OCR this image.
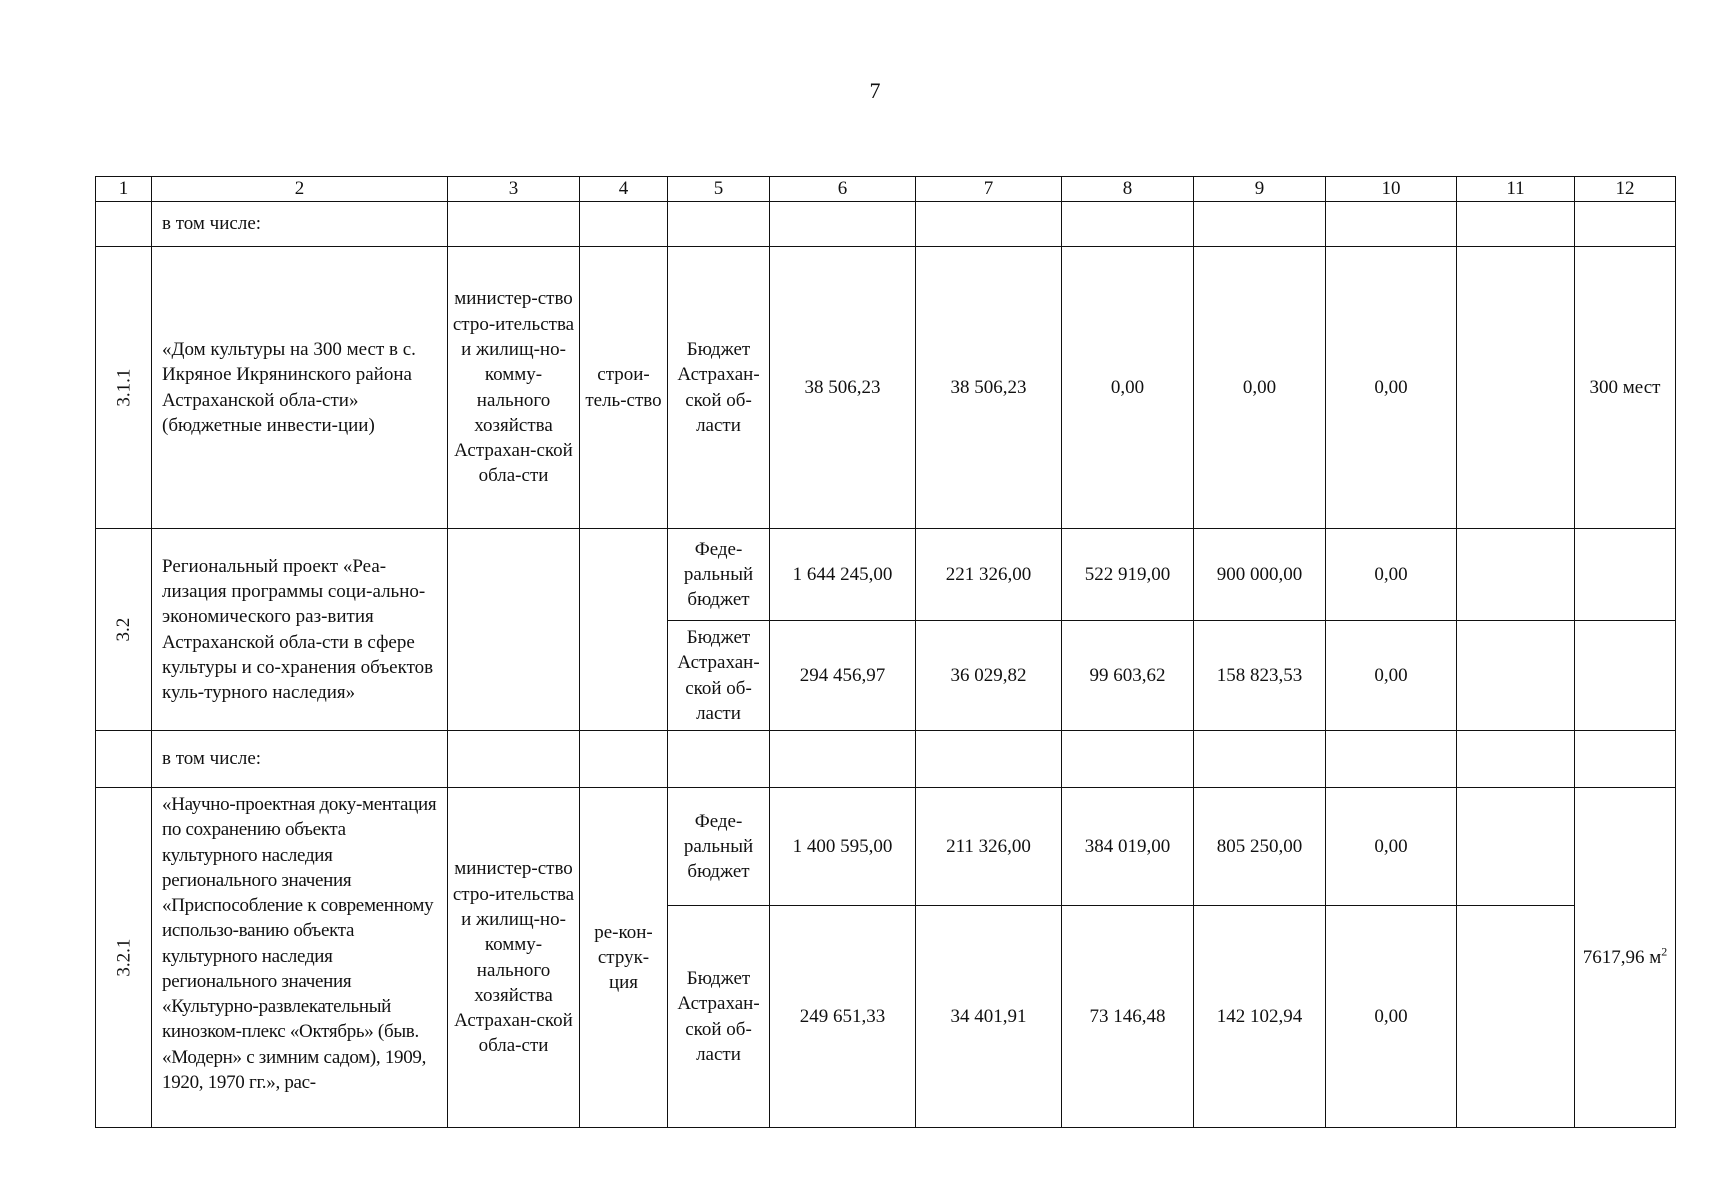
7
1	2	3	4	5	6	7	8	9	10	11	12
	в том числе:										
3.1.1	«Дом культуры на 300 мест в с. Икряное Икрянинского района Астраханской обла-сти» (бюджетные инвести-ции)	министер-ство стро-ительства и жилищ-но-комму-нального хозяйства Астрахан-ской обла-сти	строи-тель-ство	Бюджет Астрахан-ской об-ласти	38 506,23	38 506,23	0,00	0,00	0,00		300 мест
3.2	Региональный проект «Реа-лизация программы соци-ально-экономического раз-вития Астраханской обла-сти в сфере культуры и со-хранения объектов куль-турного наследия»			Феде-ральный бюджет	1 644 245,00	221 326,00	522 919,00	900 000,00	0,00		
				Бюджет Астрахан-ской об-ласти	294 456,97	36 029,82	99 603,62	158 823,53	0,00		
	в том числе:										
3.2.1	«Научно-проектная доку-ментация по сохранению объекта культурного наследия регионального значения «Приспособление к современному использо-ванию объекта культурного наследия регионального значения «Культурно-развлекательный кинозком-плекс «Октябрь» (быв. «Модерн» с зимним садом), 1909, 1920, 1970 гг.», рас-	министер-ство стро-ительства и жилищ-но-комму-нального хозяйства Астрахан-ской обла-сти	ре-кон-струк-ция	Феде-ральный бюджет	1 400 595,00	211 326,00	384 019,00	805 250,00	0,00		7617,96 $м^2$
				Бюджет Астрахан-ской об-ласти	249 651,33	34 401,91	73 146,48	142 102,94	0,00		
